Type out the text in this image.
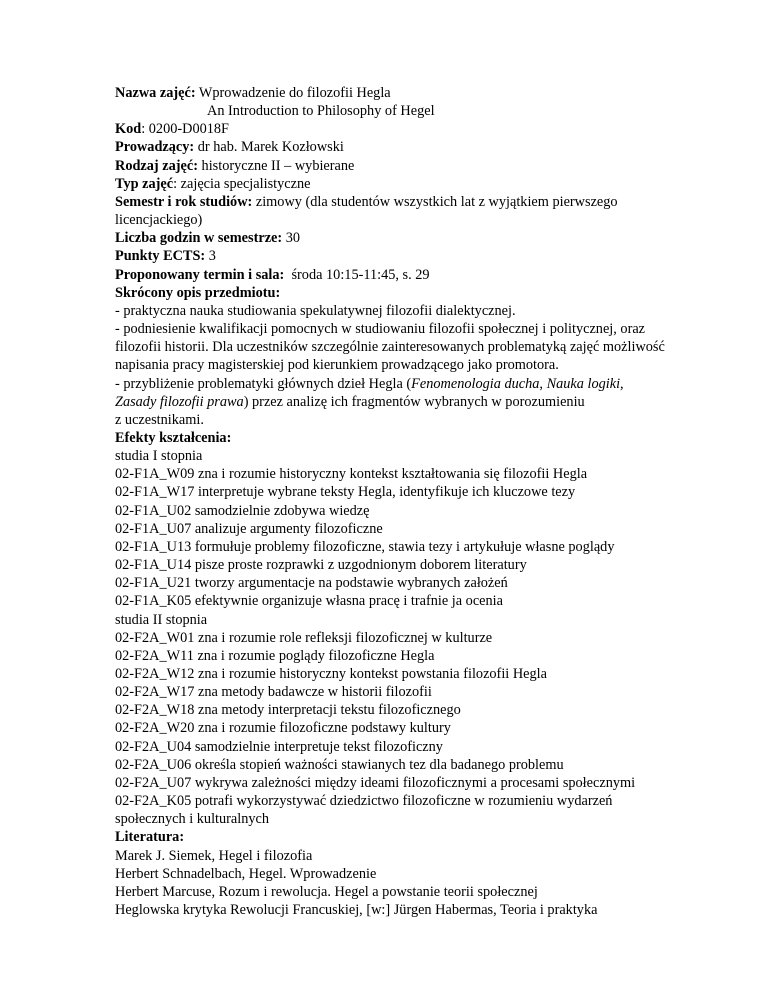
Nazwa zajęć: Wprowadzenie do filozofii Hegla
An Introduction to Philosophy of Hegel
Kod: 0200-D0018F
Prowadzący: dr hab. Marek Kozłowski
Rodzaj zajęć: historyczne II – wybierane
Typ zajęć: zajęcia specjalistyczne
Semestr i rok studiów: zimowy (dla studentów wszystkich lat z wyjątkiem pierwszego licencjackiego)
Liczba godzin w semestrze: 30
Punkty ECTS: 3
Proponowany termin i sala: środa 10:15-11:45, s. 29
Skrócony opis przedmiotu:
- praktyczna nauka studiowania spekulatywnej filozofii dialektycznej.
- podniesienie kwalifikacji pomocnych w studiowaniu filozofii społecznej i politycznej, oraz filozofii historii. Dla uczestników szczególnie zainteresowanych problematyką zajęć możliwość napisania pracy magisterskiej pod kierunkiem prowadzącego jako promotora.
- przybliżenie problematyki głównych dzieł Hegla (Fenomenologia ducha, Nauka logiki,
Zasady filozofii prawa) przez analizę ich fragmentów wybranych w porozumieniu
z uczestnikami.
Efekty kształcenia:
studia I stopnia
02-F1A_W09 zna i rozumie historyczny kontekst kształtowania się filozofii Hegla
02-F1A_W17 interpretuje wybrane teksty Hegla, identyfikuje ich kluczowe tezy
02-F1A_U02 samodzielnie zdobywa wiedzę
02-F1A_U07 analizuje argumenty filozoficzne
02-F1A_U13 formułuje problemy filozoficzne, stawia tezy i artykułuje własne poglądy
02-F1A_U14 pisze proste rozprawki z uzgodnionym doborem literatury
02-F1A_U21 tworzy argumentacje na podstawie wybranych założeń
02-F1A_K05 efektywnie organizuje własna pracę i trafnie ja ocenia
studia II stopnia
02-F2A_W01 zna i rozumie role refleksji filozoficznej w kulturze
02-F2A_W11 zna i rozumie poglądy filozoficzne Hegla
02-F2A_W12 zna i rozumie historyczny kontekst powstania filozofii Hegla
02-F2A_W17 zna metody badawcze w historii filozofii
02-F2A_W18 zna metody interpretacji tekstu filozoficznego
02-F2A_W20 zna i rozumie filozoficzne podstawy kultury
02-F2A_U04 samodzielnie interpretuje tekst filozoficzny
02-F2A_U06 określa stopień ważności stawianych tez dla badanego problemu
02-F2A_U07 wykrywa zależności między ideami filozoficznymi a procesami społecznymi
02-F2A_K05 potrafi wykorzystywać dziedzictwo filozoficzne w rozumieniu wydarzeń społecznych i kulturalnych
Literatura:
Marek J. Siemek, Hegel i filozofia
Herbert Schnadelbach, Hegel. Wprowadzenie
Herbert Marcuse, Rozum i rewolucja. Hegel a powstanie teorii społecznej
Heglowska krytyka Rewolucji Francuskiej, [w:] Jürgen Habermas, Teoria i praktyka
